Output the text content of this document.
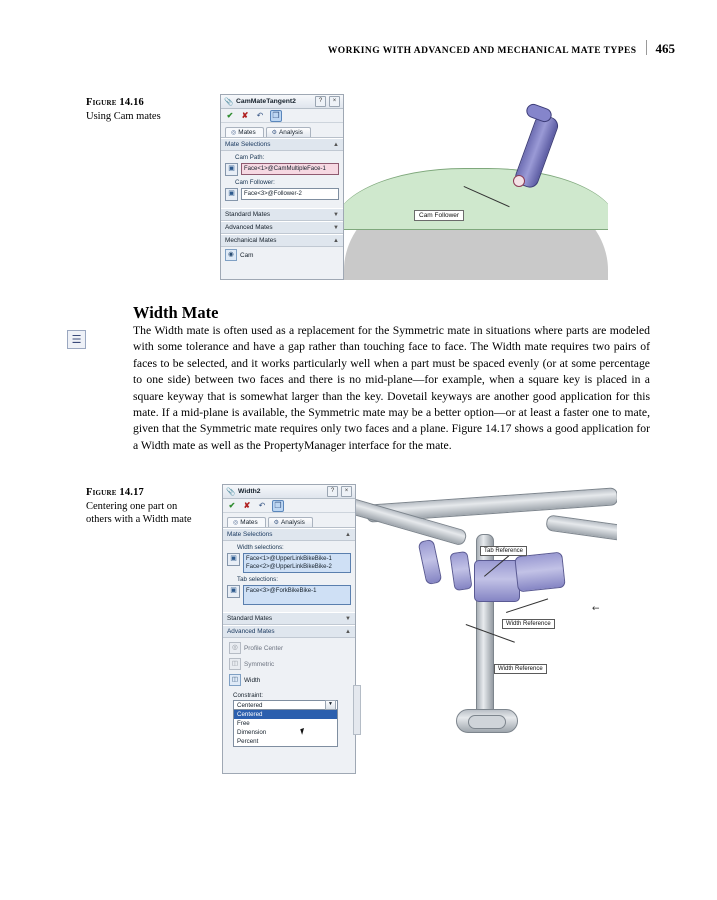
WORKING WITH ADVANCED AND MECHANICAL MATE TYPES	465
Figure 14.16
Using Cam mates
Cam Follower
📎 CamMateTangent2	?	×
✔ ✘ ↶	❐
◎ Mates	⚙ Analysis
Mate Selections	▲
Cam Path:
▣	Face<1>@CamMultipleFace-1
Cam Follower:
▣	Face<3>@Follower-2
Standard Mates	▼
Advanced Mates	▼
Mechanical Mates	▲
◉ Cam
☰
Width Mate
The Width mate is often used as a replacement for the Symmetric mate in situations where parts are modeled with some tolerance and have a gap rather than touching face to face. The Width mate requires two pairs of faces to be selected, and it works particularly well when a part must be spaced evenly (or at some percentage to one side) between two faces and there is no mid-plane—for example, when a square key is placed in a square keyway that is somewhat larger than the key. Dovetail keyways are another good application for this mate. If a mid-plane is available, the Symmetric mate may be a better option—or at least a faster one to mate, given that the Symmetric mate requires only two faces and a plane. Figure 14.17 shows a good application for a Width mate as well as the PropertyManager interface for the mate.
Figure 14.17
Centering one part on others with a Width mate
Tab Reference
Width Reference
Width Reference
←
📎 Width2	?	×
✔ ✘ ↶	❐
◎ Mates	⚙ Analysis
Mate Selections	▲
Width selections:
▣	Face<1>@UpperLinkBikeBike-1
Face<2>@UpperLinkBikeBike-2
Tab selections:
▣	Face<3>@ForkBikeBike-1
Standard Mates	▼
Advanced Mates	▲
◎ Profile Center
◫ Symmetric
◫ Width
Constraint:
Centered	▼
Centered
Free
Dimension
Percent
